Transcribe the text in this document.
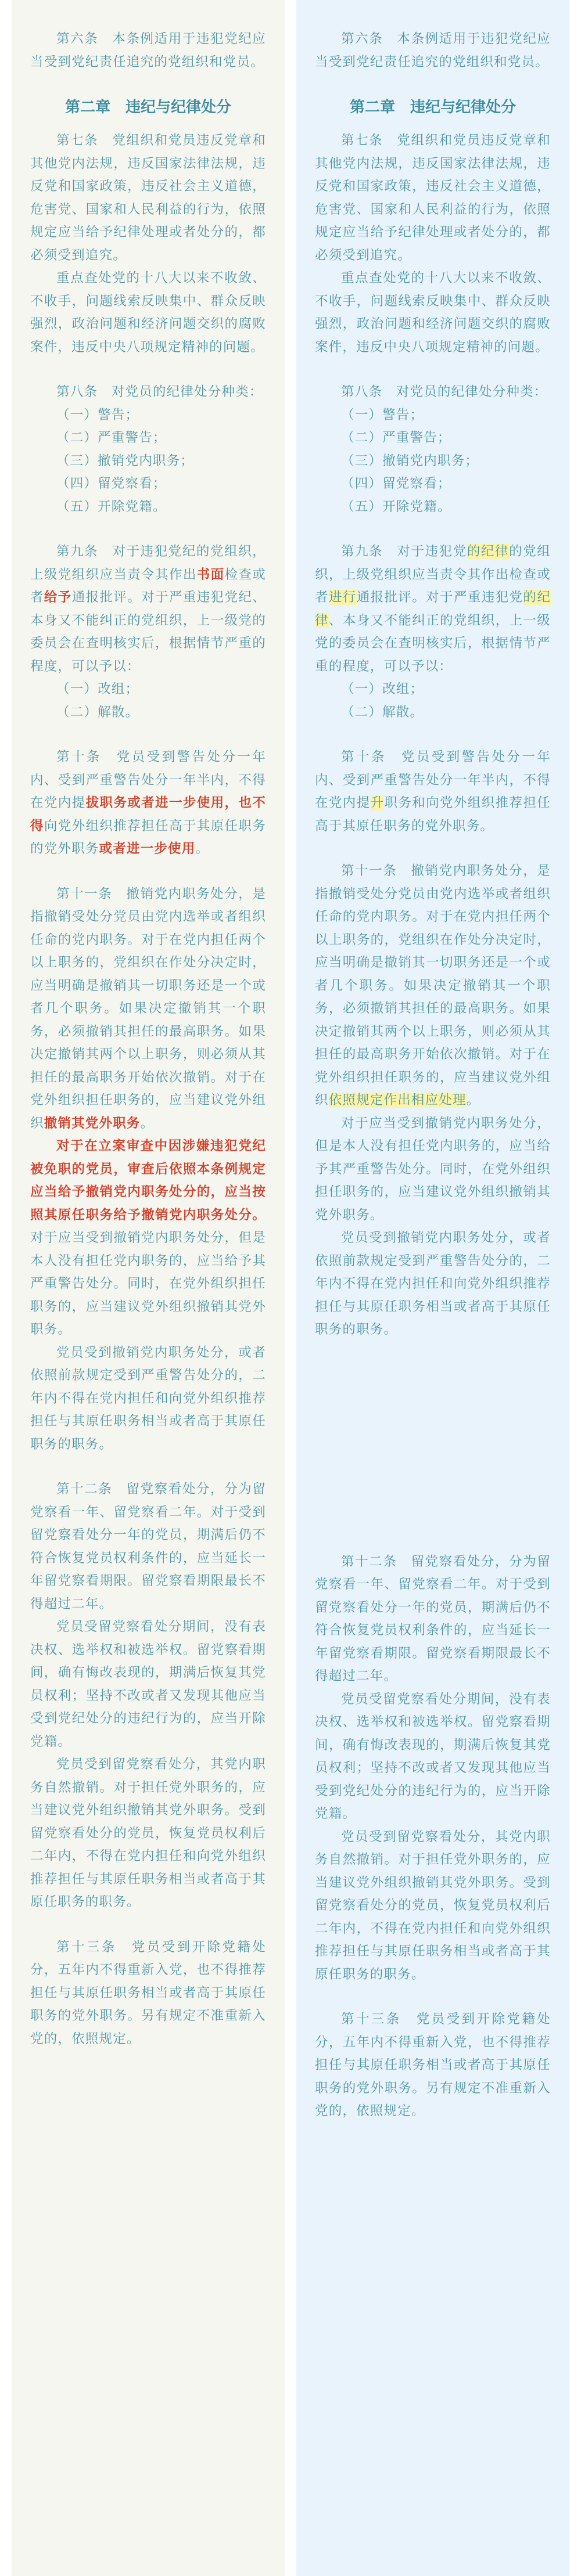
第六条　本条例适用于违犯党纪应当受到党纪责任追究的党组织和党员。

第二章　违纪与纪律处分

第七条　党组织和党员违反党章和其他党内法规，违反国家法律法规，违反党和国家政策，违反社会主义道德，危害党、国家和人民利益的行为，依照规定应当给予纪律处理或者处分的，都必须受到追究。

重点查处党的十八大以来不收敛、不收手，问题线索反映集中、群众反映强烈，政治问题和经济问题交织的腐败案件，违反中央八项规定精神的问题。

第八条　对党员的纪律处分种类：

（一）警告；

（二）严重警告；

（三）撤销党内职务；

（四）留党察看；

（五）开除党籍。

第九条　对于违犯党纪的党组织，上级党组织应当责令其作出书面检查或者给予通报批评。对于严重违犯党纪、本身又不能纠正的党组织，上一级党的委员会在查明核实后，根据情节严重的程度，可以予以：

（一）改组；

（二）解散。

第十条　党员受到警告处分一年内、受到严重警告处分一年半内，不得在党内提拔职务或者进一步使用，也不得向党外组织推荐担任高于其原任职务的党外职务或者进一步使用。

第十一条　撤销党内职务处分，是指撤销受处分党员由党内选举或者组织任命的党内职务。对于在党内担任两个以上职务的，党组织在作处分决定时，应当明确是撤销其一切职务还是一个或者几个职务。如果决定撤销其一个职务，必须撤销其担任的最高职务。如果决定撤销其两个以上职务，则必须从其担任的最高职务开始依次撤销。对于在党外组织担任职务的，应当建议党外组织撤销其党外职务。

对于在立案审查中因涉嫌违犯党纪被免职的党员，审查后依照本条例规定应当给予撤销党内职务处分的，应当按照其原任职务给予撤销党内职务处分。对于应当受到撤销党内职务处分，但是本人没有担任党内职务的，应当给予其严重警告处分。同时，在党外组织担任职务的，应当建议党外组织撤销其党外职务。

党员受到撤销党内职务处分，或者依照前款规定受到严重警告处分的，二年内不得在党内担任和向党外组织推荐担任与其原任职务相当或者高于其原任职务的职务。

第十二条　留党察看处分，分为留党察看一年、留党察看二年。对于受到留党察看处分一年的党员，期满后仍不符合恢复党员权利条件的，应当延长一年留党察看期限。留党察看期限最长不得超过二年。

党员受留党察看处分期间，没有表决权、选举权和被选举权。留党察看期间，确有悔改表现的，期满后恢复其党员权利；坚持不改或者又发现其他应当受到党纪处分的违纪行为的，应当开除党籍。

党员受到留党察看处分，其党内职务自然撤销。对于担任党外职务的，应当建议党外组织撤销其党外职务。受到留党察看处分的党员，恢复党员权利后二年内，不得在党内担任和向党外组织推荐担任与其原任职务相当或者高于其原任职务的职务。

第十三条　党员受到开除党籍处分，五年内不得重新入党，也不得推荐担任与其原任职务相当或者高于其原任职务的党外职务。另有规定不准重新入党的，依照规定。

第六条　本条例适用于违犯党纪应当受到党纪责任追究的党组织和党员。

第二章　违纪与纪律处分

第七条　党组织和党员违反党章和其他党内法规，违反国家法律法规，违反党和国家政策，违反社会主义道德，危害党、国家和人民利益的行为，依照规定应当给予纪律处理或者处分的，都必须受到追究。

重点查处党的十八大以来不收敛、不收手，问题线索反映集中、群众反映强烈，政治问题和经济问题交织的腐败案件，违反中央八项规定精神的问题。

第八条　对党员的纪律处分种类：

（一）警告；

（二）严重警告；

（三）撤销党内职务；

（四）留党察看；

（五）开除党籍。

第九条　对于违犯党的纪律的党组织，上级党组织应当责令其作出检查或者进行通报批评。对于严重违犯党的纪律、本身又不能纠正的党组织，上一级党的委员会在查明核实后，根据情节严重的程度，可以予以：

（一）改组；

（二）解散。

第十条　党员受到警告处分一年内、受到严重警告处分一年半内，不得在党内提升职务和向党外组织推荐担任高于其原任职务的党外职务。

第十一条　撤销党内职务处分，是指撤销受处分党员由党内选举或者组织任命的党内职务。对于在党内担任两个以上职务的，党组织在作处分决定时，应当明确是撤销其一切职务还是一个或者几个职务。如果决定撤销其一个职务，必须撤销其担任的最高职务。如果决定撤销其两个以上职务，则必须从其担任的最高职务开始依次撤销。对于在党外组织担任职务的，应当建议党外组织依照规定作出相应处理。

对于应当受到撤销党内职务处分，但是本人没有担任党内职务的，应当给予其严重警告处分。同时，在党外组织担任职务的，应当建议党外组织撤销其党外职务。

党员受到撤销党内职务处分，或者依照前款规定受到严重警告处分的，二年内不得在党内担任和向党外组织推荐担任与其原任职务相当或者高于其原任职务的职务。

第十二条　留党察看处分，分为留党察看一年、留党察看二年。对于受到留党察看处分一年的党员，期满后仍不符合恢复党员权利条件的，应当延长一年留党察看期限。留党察看期限最长不得超过二年。

党员受留党察看处分期间，没有表决权、选举权和被选举权。留党察看期间，确有悔改表现的，期满后恢复其党员权利；坚持不改或者又发现其他应当受到党纪处分的违纪行为的，应当开除党籍。

党员受到留党察看处分，其党内职务自然撤销。对于担任党外职务的，应当建议党外组织撤销其党外职务。受到留党察看处分的党员，恢复党员权利后二年内，不得在党内担任和向党外组织推荐担任与其原任职务相当或者高于其原任职务的职务。

第十三条　党员受到开除党籍处分，五年内不得重新入党，也不得推荐担任与其原任职务相当或者高于其原任职务的党外职务。另有规定不准重新入党的，依照规定。
